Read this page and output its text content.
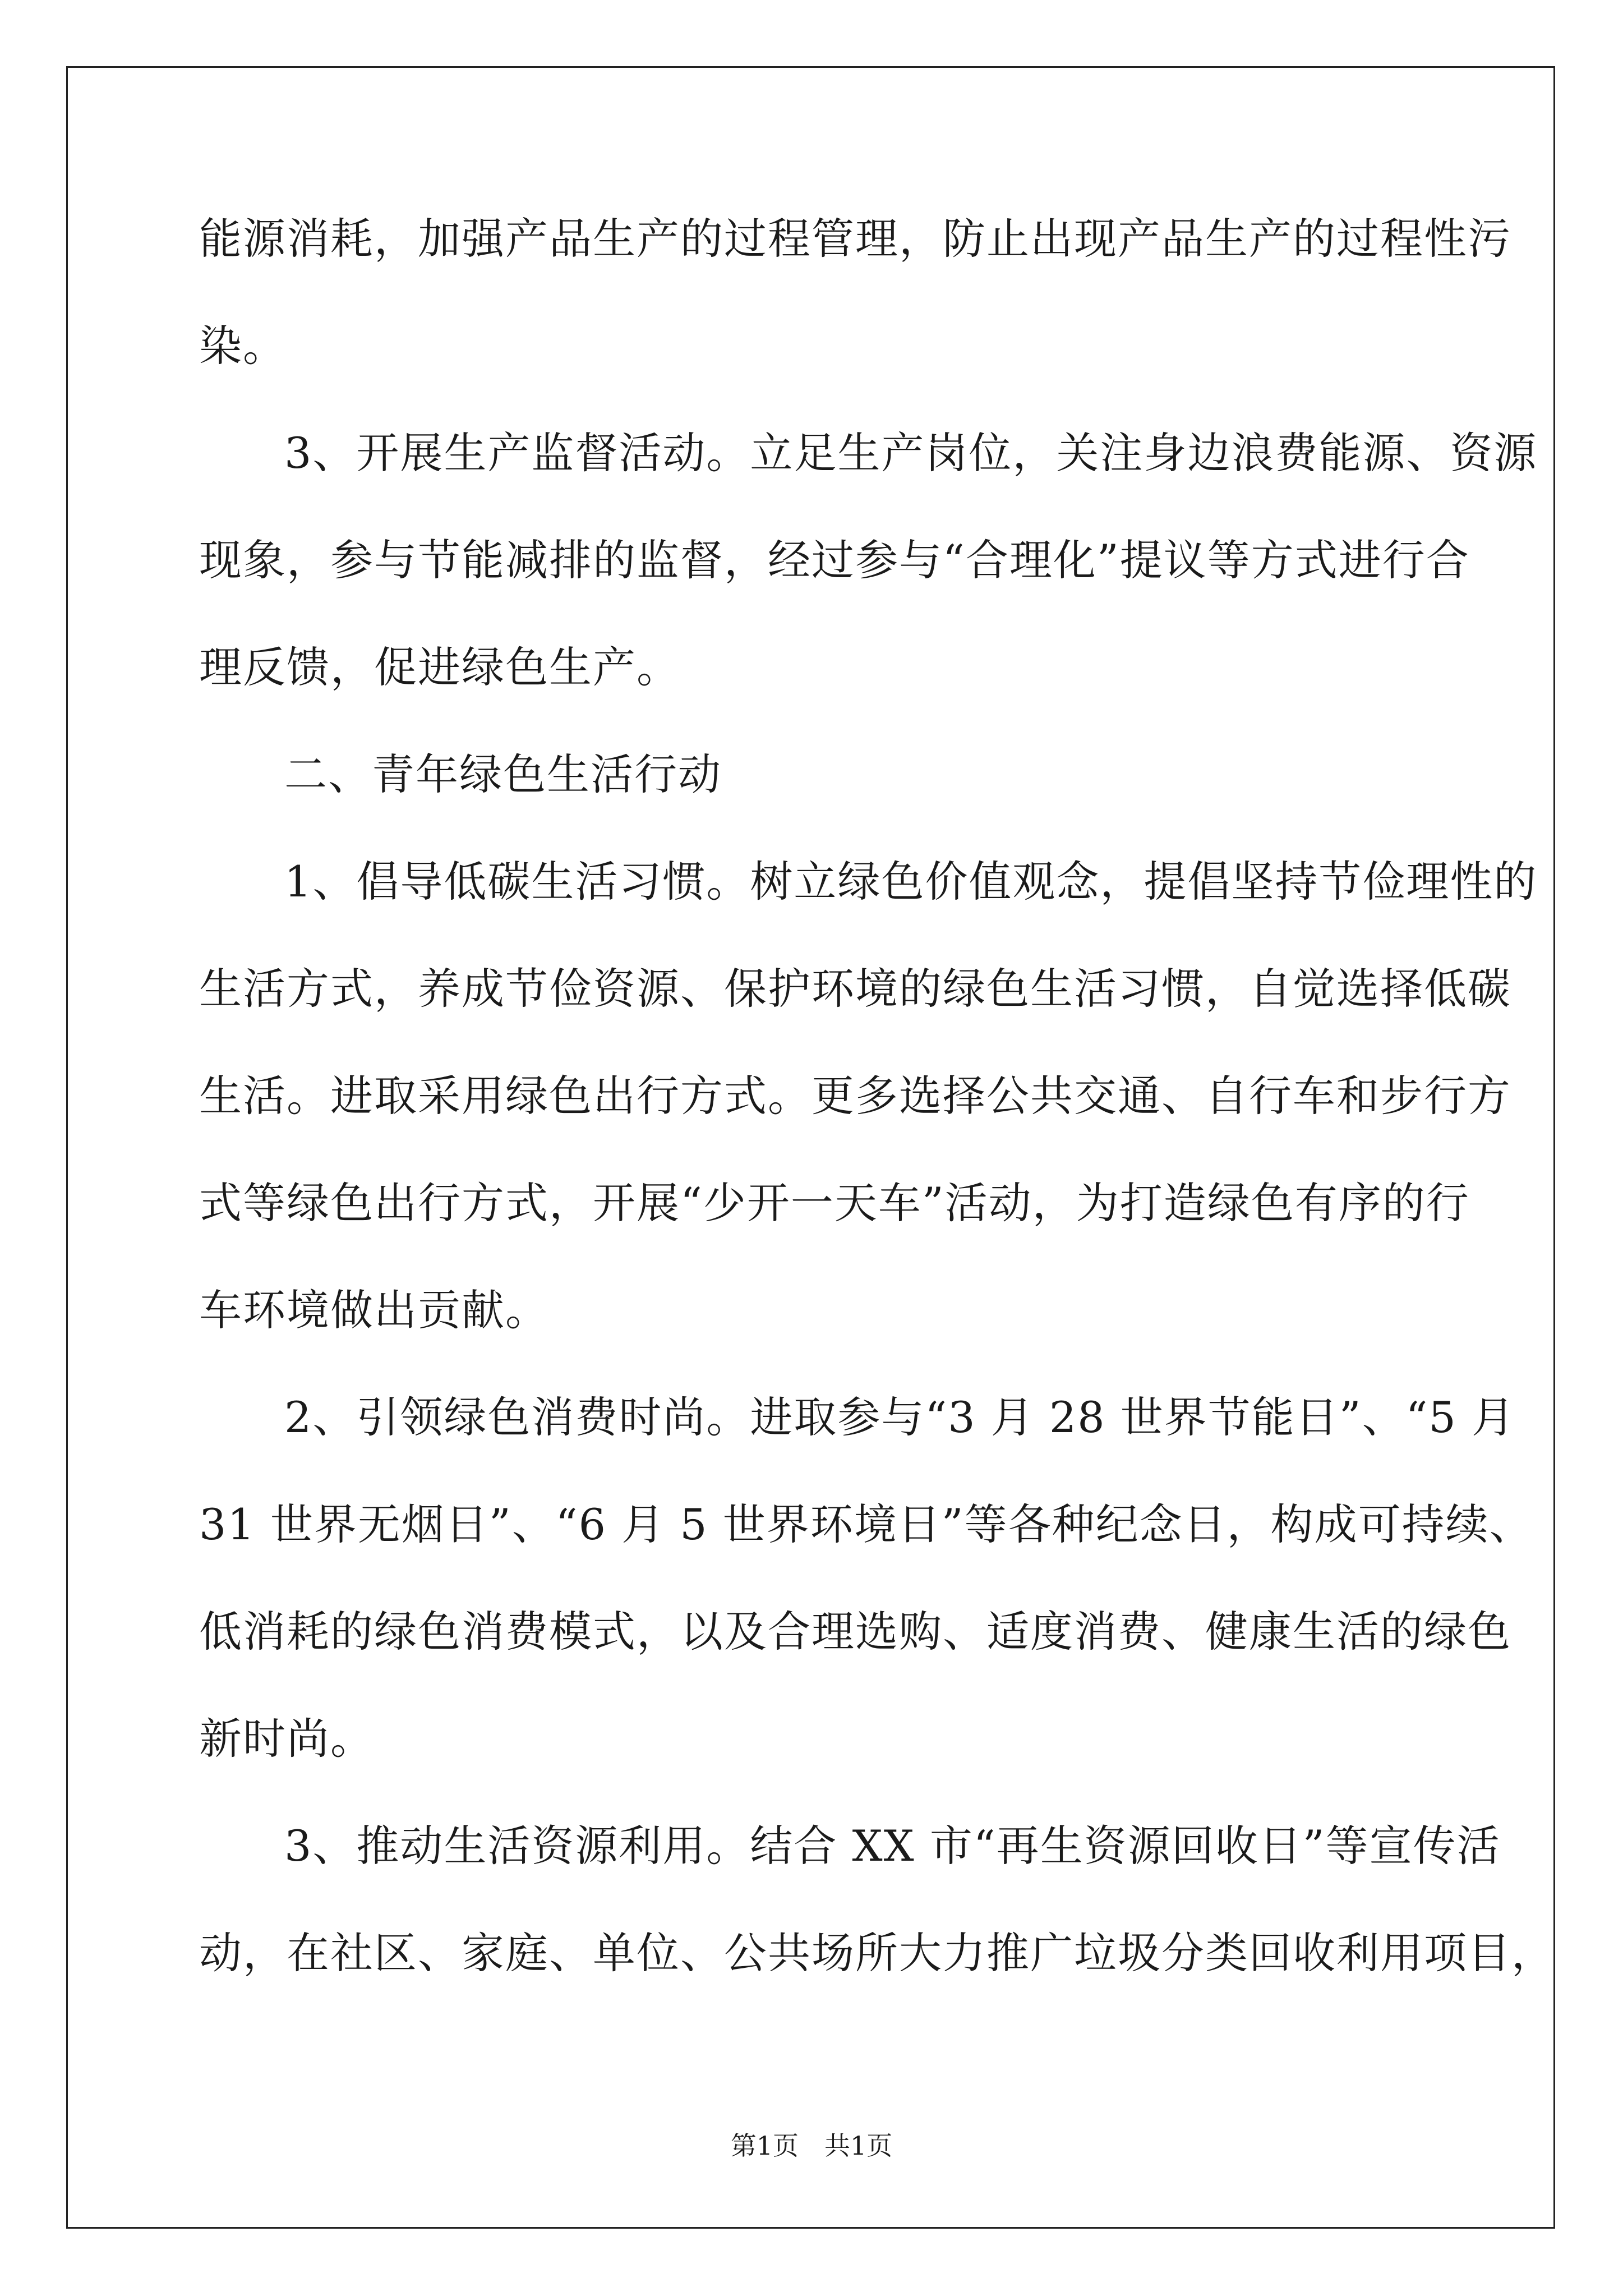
能源消耗，加强产品生产的过程管理，防止出现产品生产的过程性污

染。

3、开展生产监督活动。立足生产岗位，关注身边浪费能源、资源

现象，参与节能减排的监督，经过参与“合理化”提议等方式进行合

理反馈，促进绿色生产。

二、青年绿色生活行动

1、倡导低碳生活习惯。树立绿色价值观念，提倡坚持节俭理性的

生活方式，养成节俭资源、保护环境的绿色生活习惯，自觉选择低碳

生活。进取采用绿色出行方式。更多选择公共交通、自行车和步行方

式等绿色出行方式，开展“少开一天车”活动，为打造绿色有序的行

车环境做出贡献。

2、引领绿色消费时尚。进取参与“3 月 28 世界节能日”、“5 月

31 世界无烟日”、“6 月 5 世界环境日”等各种纪念日，构成可持续、

低消耗的绿色消费模式，以及合理选购、适度消费、健康生活的绿色

新时尚。

3、推动生活资源利用。结合 XX 市“再生资源回收日”等宣传活

动，在社区、家庭、单位、公共场所大力推广垃圾分类回收利用项目，

第1页 共1页
